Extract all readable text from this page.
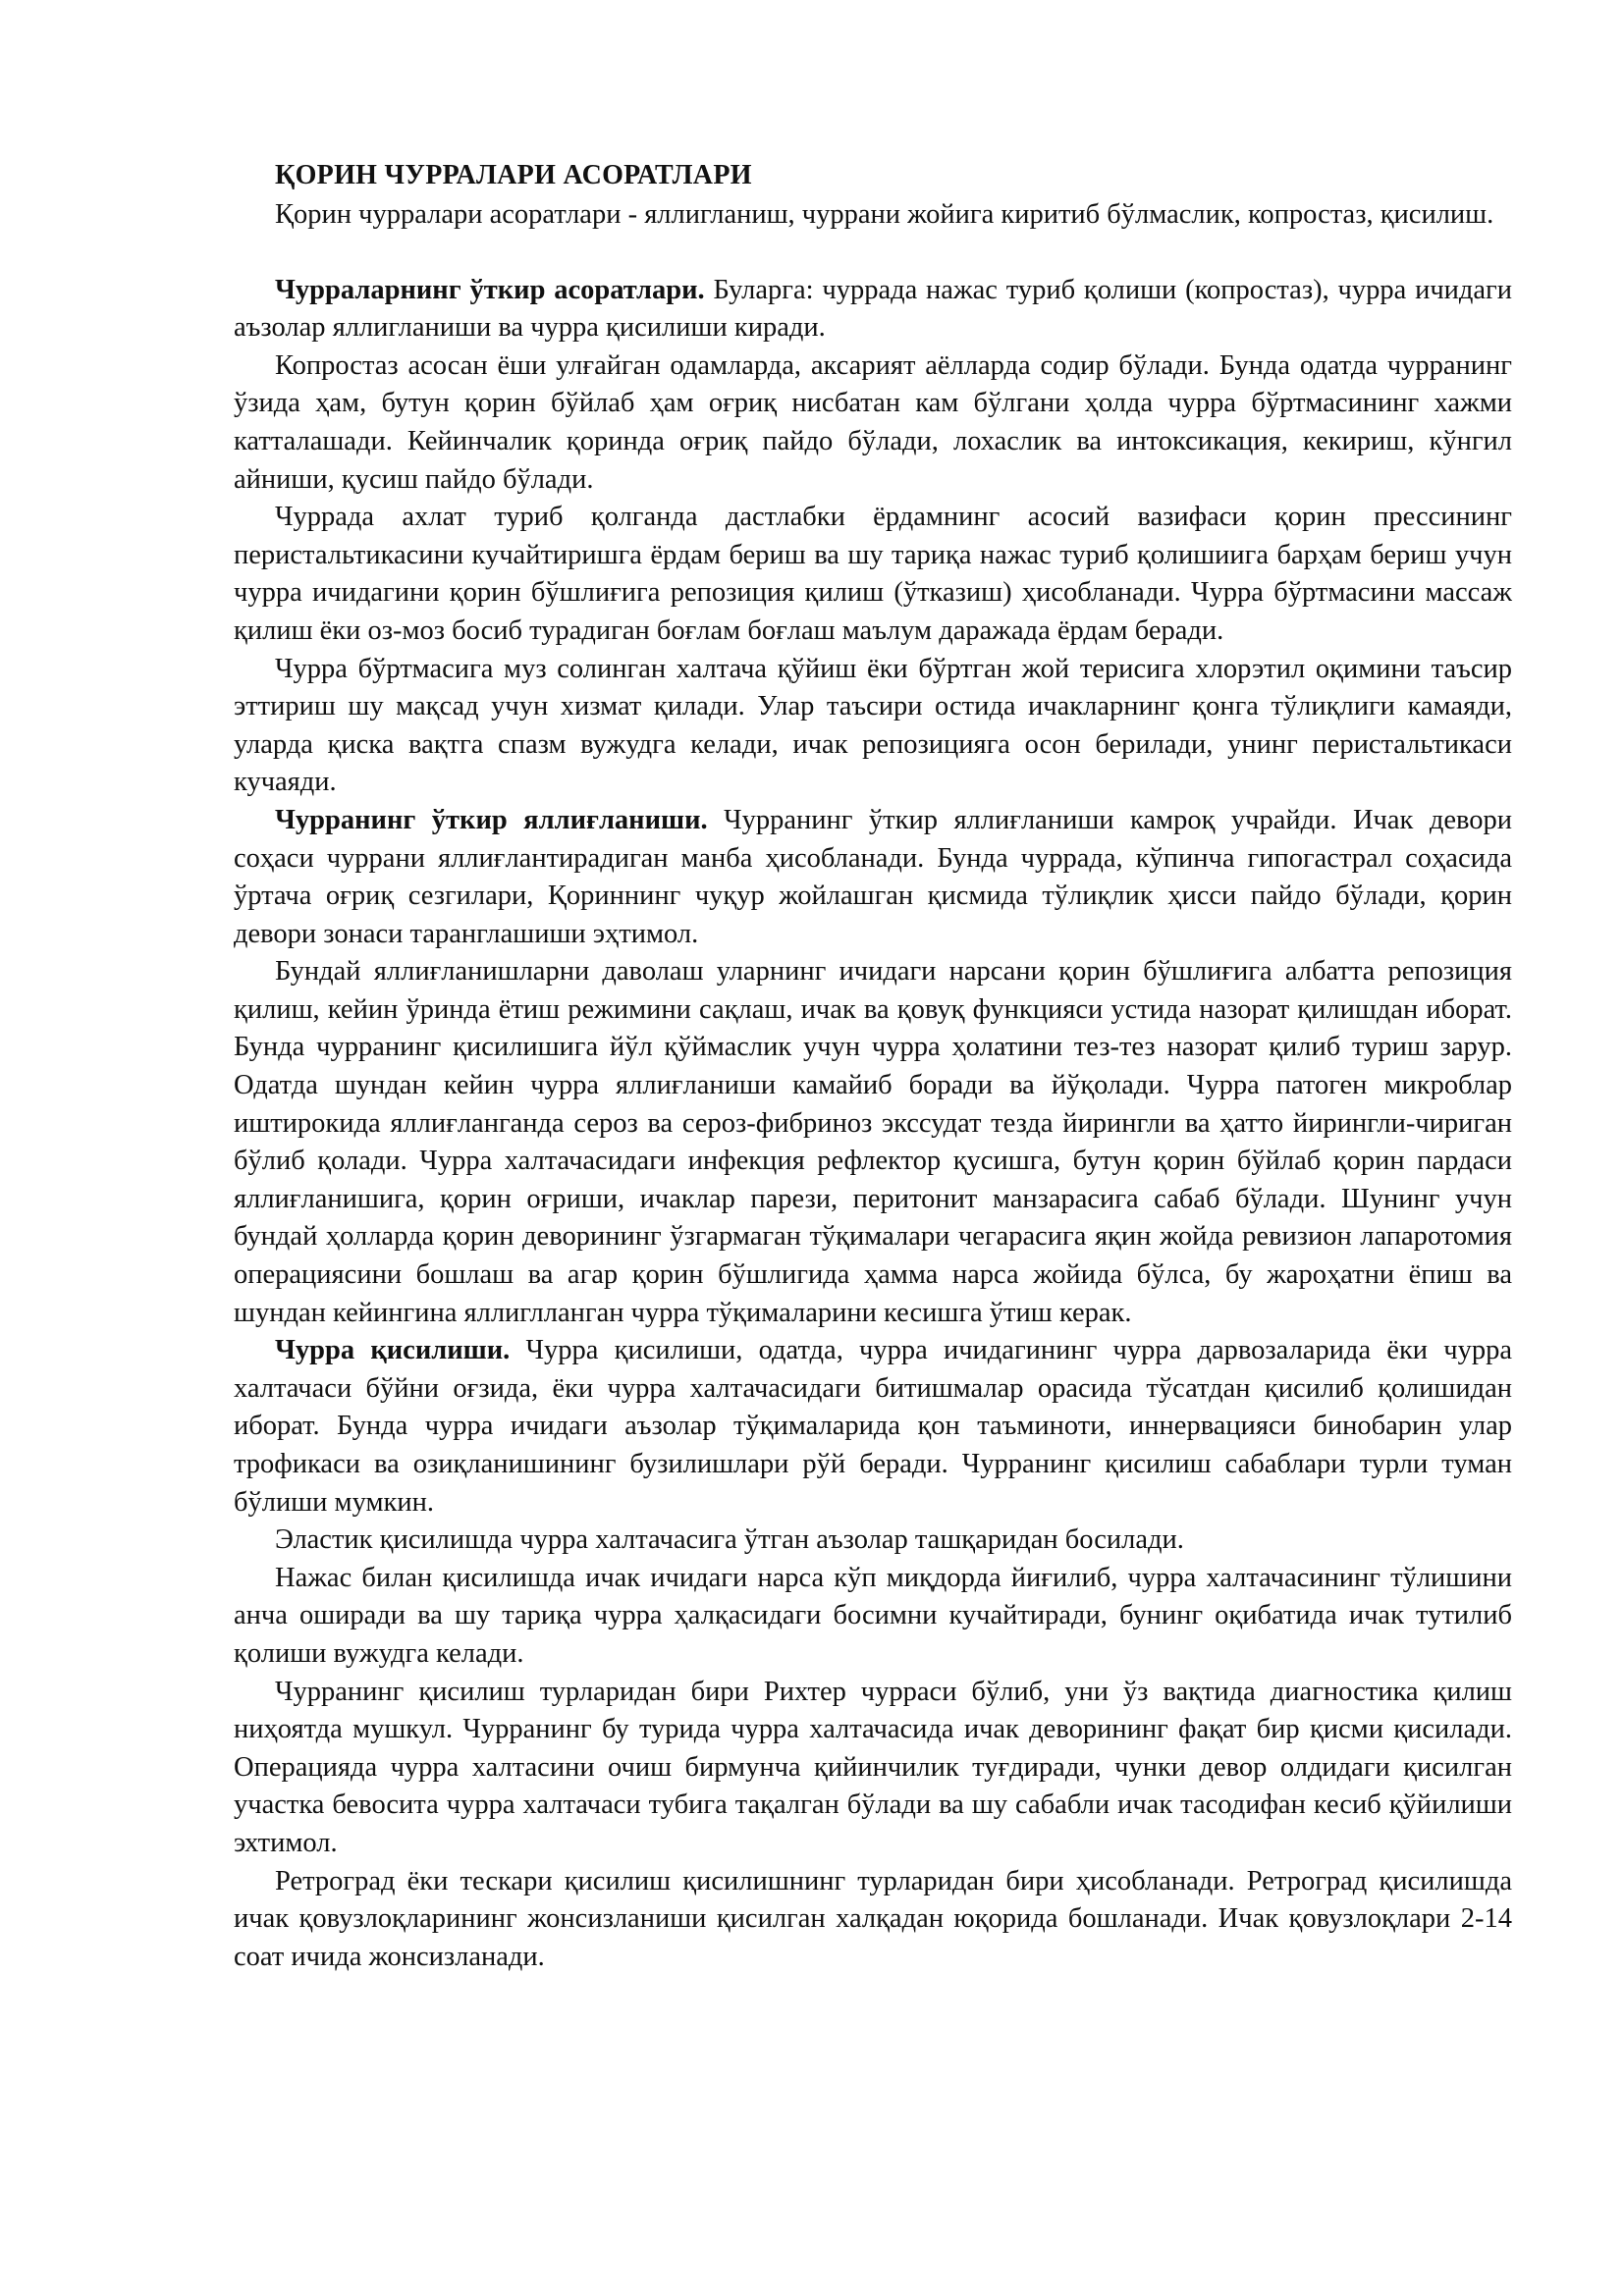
ҚОРИН ЧУРРАЛАРИ АСОРАТЛАРИ

Қорин чурралари асоратлари - яллигланиш, чуррани жойига киритиб бўлмаслик, копростаз, қисилиш.

Чурраларнинг ўткир асоратлари. Буларга: чуррада нажас туриб қолиши (копростаз), чурра ичидаги аъзолар яллигланиши ва чурра қисилиши киради.

Копростаз асосан ёши улғайган одамларда, аксарият аёлларда содир бўлади. Бунда одатда чурранинг ўзида ҳам, бутун қорин бўйлаб ҳам оғриқ нисбатан кам бўлгани ҳолда чурра бўртмасининг хажми катталашади. Кейинчалик қоринда оғриқ пайдо бўлади, лохаслик ва интоксикация, кекириш, кўнгил айниши, қусиш пайдо бўлади.

Чуррада ахлат туриб қолганда дастлабки ёрдамнинг асосий вазифаси қорин прессининг перистальтикасини кучайтиришга ёрдам бериш ва шу тариқа нажас туриб қолишиига барҳам бериш учун чурра ичидагини қорин бўшлиғига репозиция қилиш (ўтказиш) ҳисобланади. Чурра бўртмасини массаж қилиш ёки оз-моз босиб турадиган боғлам боғлаш маълум даражада ёрдам беради.

Чурра бўртмасига муз солинган халтача қўйиш ёки бўртган жой терисига хлорэтил оқимини таъсир эттириш шу мақсад учун хизмат қилади. Улар таъсири остида ичакларнинг қонга тўлиқлиги камаяди, уларда қиска вақтга спазм вужудга келади, ичак репозицияга осон берилади, унинг перистальтикаси кучаяди.

Чурранинг ўткир яллиғланиши. Чурранинг ўткир яллиғланиши камроқ учрайди. Ичак девори соҳаси чуррани яллиғлантирадиган манба ҳисобланади. Бунда чуррада, кўпинча гипогастрал соҳасида ўртача оғриқ сезгилари, Қориннинг чуқур жойлашган қисмида тўлиқлик ҳисси пайдо бўлади, қорин девори зонаси таранглашиши эҳтимол.

Бундай яллиғланишларни даволаш уларнинг ичидаги нарсани қорин бўшлиғига албатта репозиция қилиш, кейин ўринда ётиш режимини сақлаш, ичак ва қовуқ функцияси устида назорат қилишдан иборат. Бунда чурранинг қисилишига йўл қўймаслик учун чурра ҳолатини тез-тез назорат қилиб туриш зарур. Одатда шундан кейин чурра яллиғланиши камайиб боради ва йўқолади. Чурра патоген микроблар иштирокида яллиғланганда сероз ва сероз-фибриноз экссудат тезда йирингли ва ҳатто йирингли-чириган бўлиб қолади. Чурра халтачасидаги инфекция рефлектор қусишга, бутун қорин бўйлаб қорин пардаси яллиғланишига, қорин оғриши, ичаклар парези, перитонит манзарасига сабаб бўлади. Шунинг учун бундай ҳолларда қорин деворининг ўзгармаган тўқималари чегарасига яқин жойда ревизион лапаротомия операциясини бошлаш ва агар қорин бўшлигида ҳамма нарса жойида бўлса, бу жароҳатни ёпиш ва шундан кейингина яллиглланган чурра тўқималарини кесишга ўтиш керак.

Чурра қисилиши. Чурра қисилиши, одатда, чурра ичидагининг чурра дарвозаларида ёки чурра халтачаси бўйни оғзида, ёки чурра халтачасидаги битишмалар орасида тўсатдан қисилиб қолишидан иборат. Бунда чурра ичидаги аъзолар тўқималарида қон таъминоти, иннервацияси бинобарин улар трофикаси ва озиқланишининг бузилишлари рўй беради. Чурранинг қисилиш сабаблари турли туман бўлиши мумкин.

Эластик қисилишда чурра халтачасига ўтган аъзолар ташқаридан босилади.

Нажас билан қисилишда ичак ичидаги нарса кўп миқдорда йиғилиб, чурра халтачасининг тўлишини анча оширади ва шу тариқа чурра ҳалқасидаги босимни кучайтиради, бунинг оқибатида ичак тутилиб қолиши вужудга келади.

Чурранинг қисилиш турларидан бири Рихтер чурраси бўлиб, уни ўз вақтида диагностика қилиш ниҳоятда мушкул. Чурранинг бу турида чурра халтачасида ичак деворининг фақат бир қисми қисилади. Операцияда чурра халтасини очиш бирмунча қийинчилик туғдиради, чунки девор олдидаги қисилган участка бевосита чурра халтачаси тубига тақалган бўлади ва шу сабабли ичак тасодифан кесиб қўйилиши эхтимол.

Ретроград ёки тескари қисилиш қисилишнинг турларидан бири ҳисобланади. Ретроград қисилишда ичак қовузлоқларининг жонсизланиши қисилган халқадан юқорида бошланади. Ичак қовузлоқлари 2-14 соат ичида жонсизланади.
